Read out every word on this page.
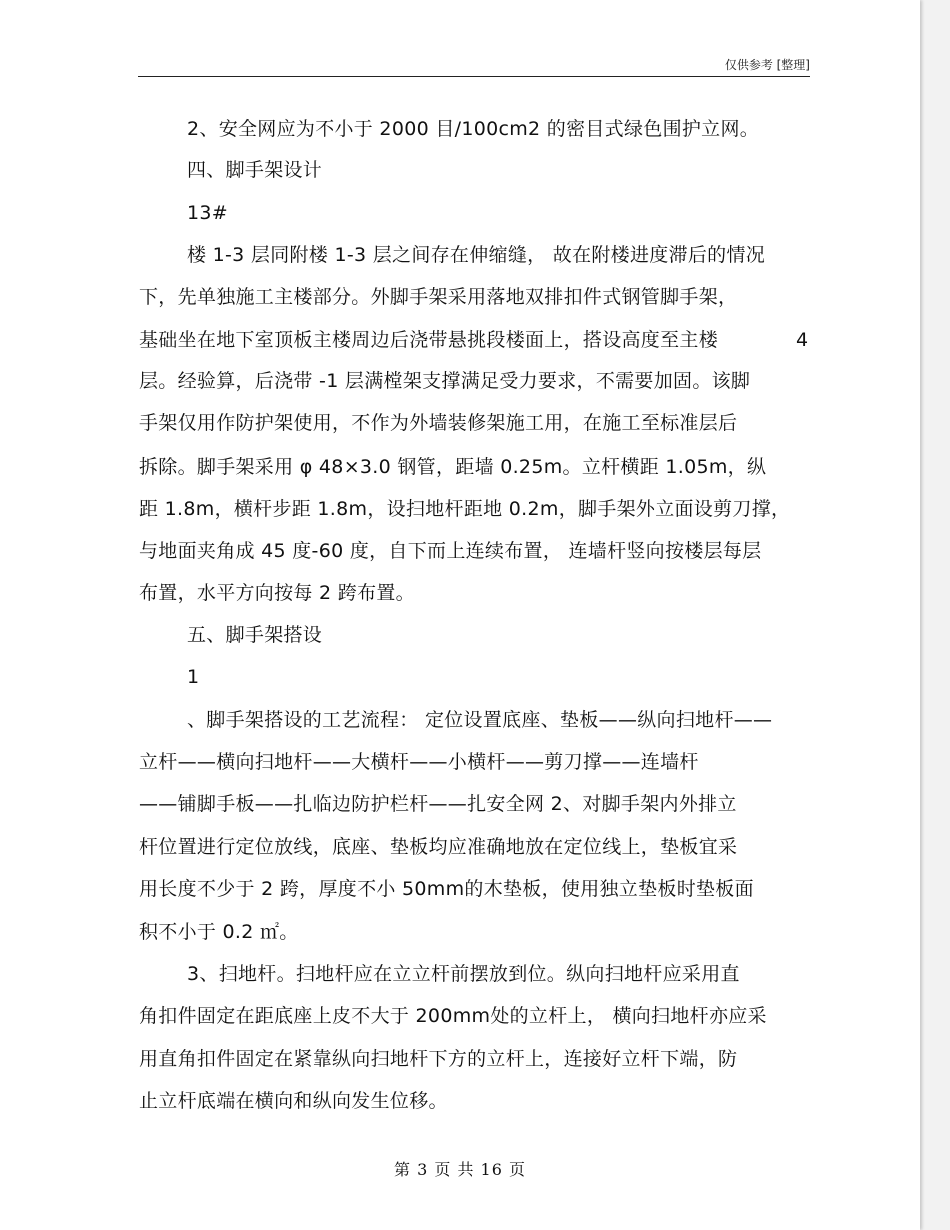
仅供参考 [整理]
2、安全网应为不小于 2000 目/100cm2 的密目式绿色围护立网。
四、脚手架设计
13#
楼 1-3 层同附楼 1-3 层之间存在伸缩缝， 故在附楼进度滞后的情况
下，先单独施工主楼部分。外脚手架采用落地双排扣件式钢管脚手架，
基础坐在地下室顶板主楼周边后浇带悬挑段楼面上，搭设高度至主楼	4
层。经验算，后浇带 -1 层满樘架支撑满足受力要求，不需要加固。该脚
手架仅用作防护架使用，不作为外墙装修架施工用，在施工至标准层后
拆除。脚手架采用 φ 48×3.0 钢管，距墙 0.25m。立杆横距 1.05m，纵
距 1.8m，横杆步距 1.8m，设扫地杆距地 0.2m，脚手架外立面设剪刀撑，
与地面夹角成 45 度-60 度，自下而上连续布置， 连墙杆竖向按楼层每层
布置，水平方向按每 2 跨布置。
五、脚手架搭设
1
、脚手架搭设的工艺流程： 定位设置底座、垫板——纵向扫地杆——
立杆——横向扫地杆——大横杆——小横杆——剪刀撑——连墙杆
——铺脚手板——扎临边防护栏杆——扎安全网 2、对脚手架内外排立
杆位置进行定位放线，底座、垫板均应准确地放在定位线上，垫板宜采
用长度不少于 2 跨，厚度不小 50mm的木垫板，使用独立垫板时垫板面
积不小于 0.2 ㎡。
3、扫地杆。扫地杆应在立立杆前摆放到位。纵向扫地杆应采用直
角扣件固定在距底座上皮不大于 200mm处的立杆上， 横向扫地杆亦应采
用直角扣件固定在紧靠纵向扫地杆下方的立杆上，连接好立杆下端，防
止立杆底端在横向和纵向发生位移。
第 3 页 共 16 页
